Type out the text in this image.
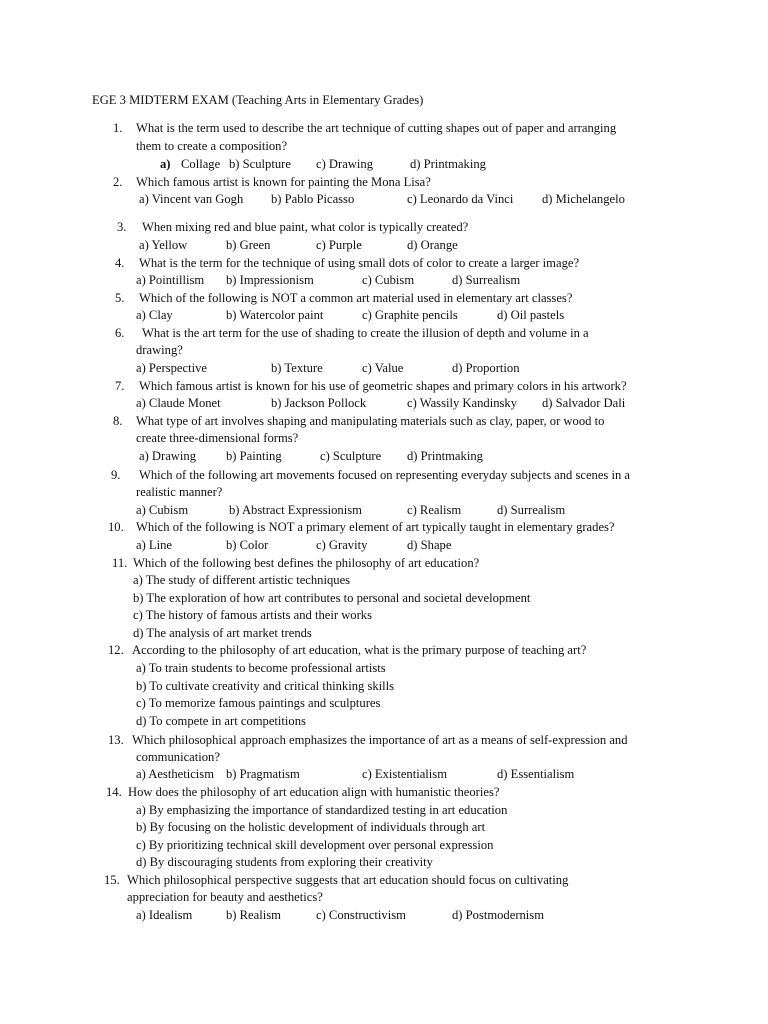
EGE 3 MIDTERM EXAM (Teaching Arts in Elementary Grades)
1. What is the term used to describe the art technique of cutting shapes out of paper and arranging
them to create a composition?
a) Collage b) Sculpture c) Drawing	d) Printmaking
2. Which famous artist is known for painting the Mona Lisa?
a) Vincent van Gogh b) Pablo Picasso	c) Leonardo da Vinci d) Michelangelo
3. When mixing red and blue paint, what color is typically created?
a) Yellow	b) Green	c) Purple	d) Orange
4. What is the term for the technique of using small dots of color to create a larger image?
a) Pointillism b) Impressionism	c) Cubism	d) Surrealism
5. Which of the following is NOT a common art material used in elementary art classes?
a) Clay	b) Watercolor paint	c) Graphite pencils	d) Oil pastels
6. What is the art term for the use of shading to create the illusion of depth and volume in a
drawing?
a) Perspective	b) Texture	c) Value	d) Proportion
7. Which famous artist is known for his use of geometric shapes and primary colors in his artwork?
a) Claude Monet	b) Jackson Pollock	c) Wassily Kandinsky d) Salvador Dali
8. What type of art involves shaping and manipulating materials such as clay, paper, or wood to
create three-dimensional forms?
a) Drawing b) Painting	c) Sculpture d) Printmaking
9. Which of the following art movements focused on representing everyday subjects and scenes in a
realistic manner?
a) Cubism	b) Abstract Expressionism	c) Realism	d) Surrealism
10. Which of the following is NOT a primary element of art typically taught in elementary grades?
a) Line	b) Color	c) Gravity	d) Shape
11. Which of the following best defines the philosophy of art education?
a) The study of different artistic techniques
b) The exploration of how art contributes to personal and societal development
c) The history of famous artists and their works
d) The analysis of art market trends
12. According to the philosophy of art education, what is the primary purpose of teaching art?
a) To train students to become professional artists
b) To cultivate creativity and critical thinking skills
c) To memorize famous paintings and sculptures
d) To compete in art competitions
13. Which philosophical approach emphasizes the importance of art as a means of self-expression and
communication?
a) Aestheticism b) Pragmatism	c) Existentialism	d) Essentialism
14. How does the philosophy of art education align with humanistic theories?
a) By emphasizing the importance of standardized testing in art education
b) By focusing on the holistic development of individuals through art
c) By prioritizing technical skill development over personal expression
d) By discouraging students from exploring their creativity
15. Which philosophical perspective suggests that art education should focus on cultivating
appreciation for beauty and aesthetics?
a) Idealism	b) Realism	c) Constructivism	d) Postmodernism
